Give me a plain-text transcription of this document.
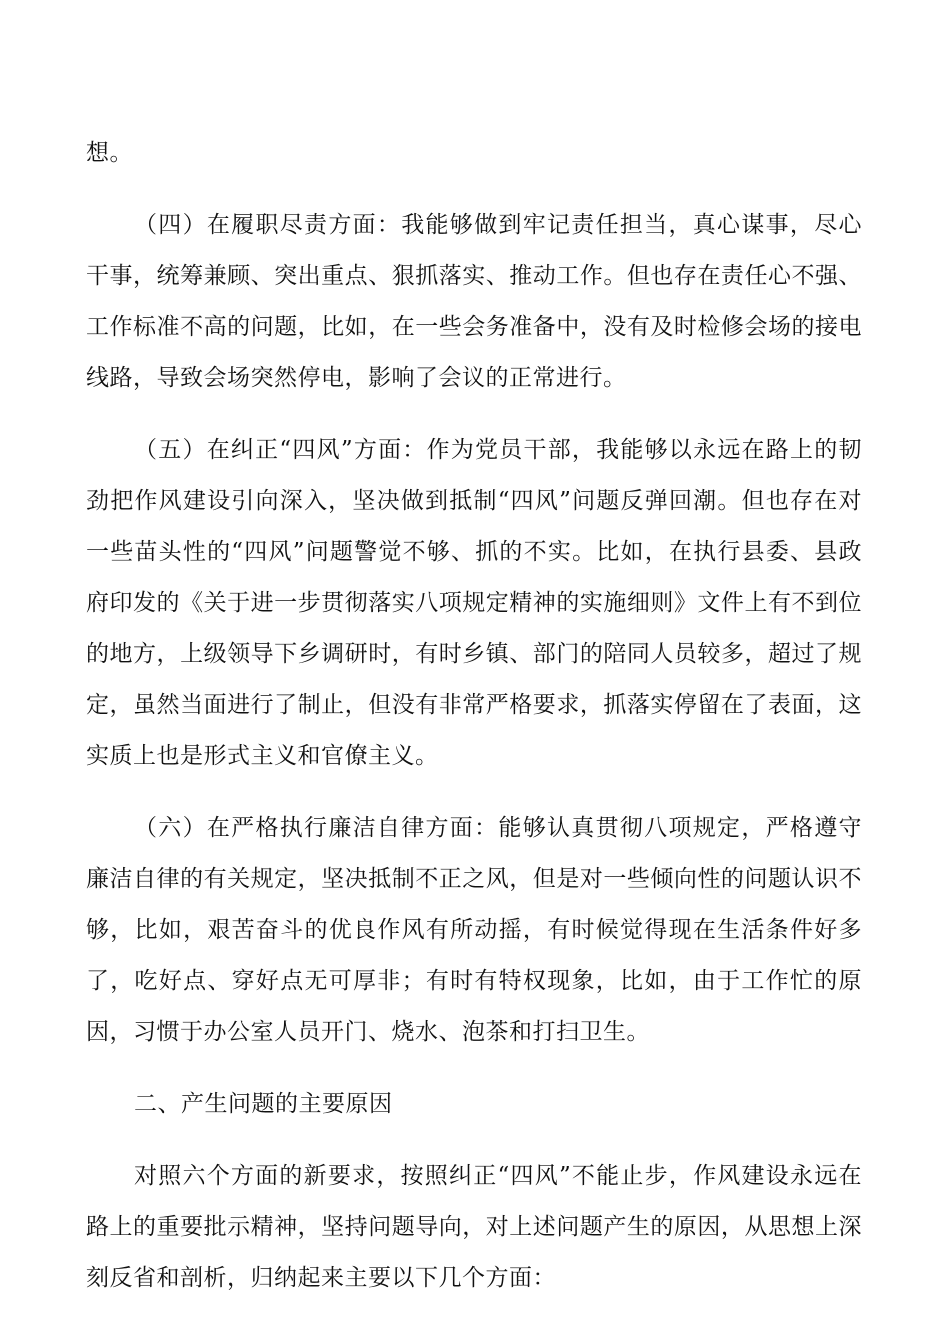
想。

（四）在履职尽责方面：我能够做到牢记责任担当，真心谋事，尽心干事，统筹兼顾、突出重点、狠抓落实、推动工作。但也存在责任心不强、工作标准不高的问题，比如，在一些会务准备中，没有及时检修会场的接电线路，导致会场突然停电，影响了会议的正常进行。

（五）在纠正“四风”方面：作为党员干部，我能够以永远在路上的韧劲把作风建设引向深入，坚决做到抵制“四风”问题反弹回潮。但也存在对一些苗头性的“四风”问题警觉不够、抓的不实。比如，在执行县委、县政府印发的《关于进一步贯彻落实八项规定精神的实施细则》文件上有不到位的地方，上级领导下乡调研时，有时乡镇、部门的陪同人员较多，超过了规定，虽然当面进行了制止，但没有非常严格要求，抓落实停留在了表面，这实质上也是形式主义和官僚主义。

（六）在严格执行廉洁自律方面：能够认真贯彻八项规定，严格遵守廉洁自律的有关规定，坚决抵制不正之风，但是对一些倾向性的问题认识不够，比如，艰苦奋斗的优良作风有所动摇，有时候觉得现在生活条件好多了，吃好点、穿好点无可厚非；有时有特权现象，比如，由于工作忙的原因，习惯于办公室人员开门、烧水、泡茶和打扫卫生。

二、产生问题的主要原因

对照六个方面的新要求，按照纠正“四风”不能止步，作风建设永远在路上的重要批示精神，坚持问题导向，对上述问题产生的原因，从思想上深刻反省和剖析，归纳起来主要以下几个方面：
